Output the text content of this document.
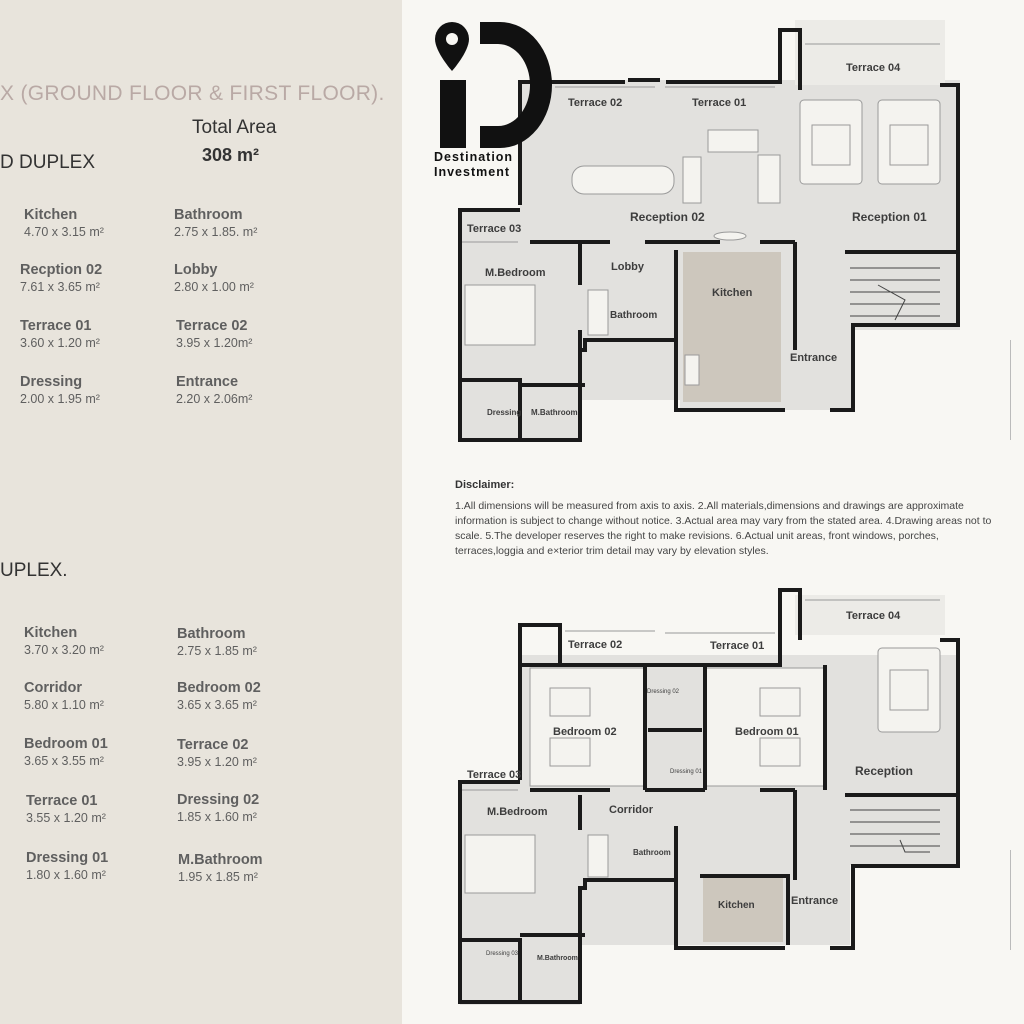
X (GROUND FLOOR & FIRST FLOOR).
Total Area
308 m²
D DUPLEX
Kitchen
4.70 x 3.15 m²
Bathroom
2.75 x 1.85. m²
Recption 02
7.61 x 3.65 m²
Lobby
2.80 x 1.00 m²
Terrace 01
3.60 x 1.20 m²
Terrace 02
3.95 x 1.20m²
Dressing
2.00 x 1.95 m²
Entrance
2.20 x 2.06m²
UPLEX.
Kitchen
3.70 x 3.20 m²
Bathroom
2.75 x 1.85 m²
Corridor
5.80 x 1.10 m²
Bedroom 02
3.65 x 3.65 m²
Bedroom 01
3.65 x 3.55 m²
Terrace 02
3.95 x 1.20 m²
Terrace 01
3.55 x 1.20 m²
Dressing 02
1.85 x 1.60 m²
Dressing 01
1.80 x 1.60 m²
M.Bathroom
1.95 x 1.85 m²
Terrace 04
Terrace 02	Terrace 01
Terrace 03
Reception 02	Reception 01
M.Bedroom	Lobby
Kitchen
Bathroom
Entrance
Dressing M.Bathroom
Destination
Investment
Disclaimer:
1.All dimensions will be measured from axis to axis. 2.All materials,dimensions and drawings are approximate information is subject to change without notice. 3.Actual area may vary from the stated area. 4.Drawing areas not to scale. 5.The developer reserves the right to make revisions. 6.Actual unit areas, front windows, porches, terraces,loggia and e×terior trim detail may vary by elevation styles.
Terrace 04
Terrace 02	Terrace 01
Terrace 03
Dressing 02
Bedroom 02	Bedroom 01
Dressing 01	Reception
M.Bedroom	Corridor
Bathroom
Kitchen	Entrance
Dressing 03
M.Bathroom
